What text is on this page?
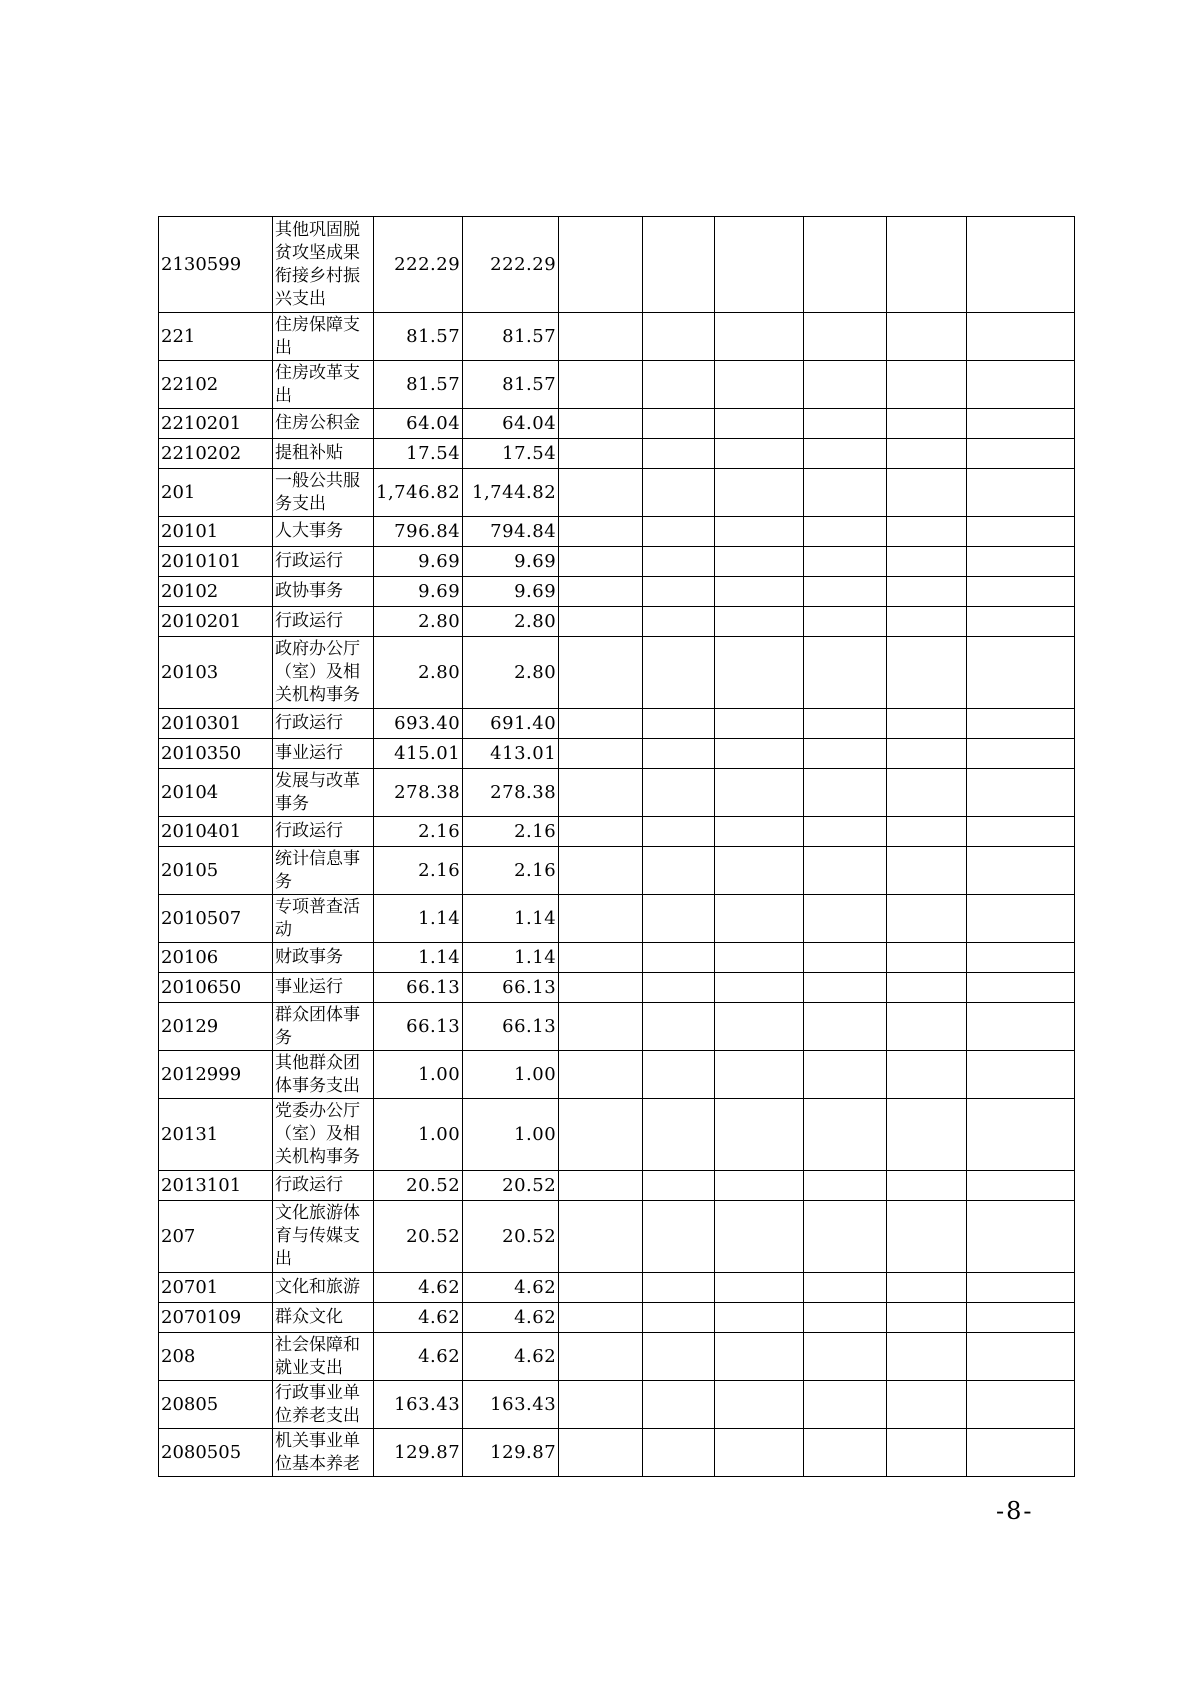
2130599	其他巩固脱贫攻坚成果衔接乡村振兴支出	222.29	222.29						
221	住房保障支出	81.57	81.57						
22102	住房改革支出	81.57	81.57						
2210201	住房公积金	64.04	64.04						
2210202	提租补贴	17.54	17.54						
201	一般公共服务支出	1,746.82	1,744.82						
20101	人大事务	796.84	794.84						
2010101	行政运行	9.69	9.69						
20102	政协事务	9.69	9.69						
2010201	行政运行	2.80	2.80						
20103	政府办公厅（室）及相关机构事务	2.80	2.80						
2010301	行政运行	693.40	691.40						
2010350	事业运行	415.01	413.01						
20104	发展与改革事务	278.38	278.38						
2010401	行政运行	2.16	2.16						
20105	统计信息事务	2.16	2.16						
2010507	专项普查活动	1.14	1.14						
20106	财政事务	1.14	1.14						
2010650	事业运行	66.13	66.13						
20129	群众团体事务	66.13	66.13						
2012999	其他群众团体事务支出	1.00	1.00						
20131	党委办公厅（室）及相关机构事务	1.00	1.00						
2013101	行政运行	20.52	20.52						
207	文化旅游体育与传媒支出	20.52	20.52						
20701	文化和旅游	4.62	4.62						
2070109	群众文化	4.62	4.62						
208	社会保障和就业支出	4.62	4.62						
20805	行政事业单位养老支出	163.43	163.43						
2080505	机关事业单位基本养老	129.87	129.87						
-8-
